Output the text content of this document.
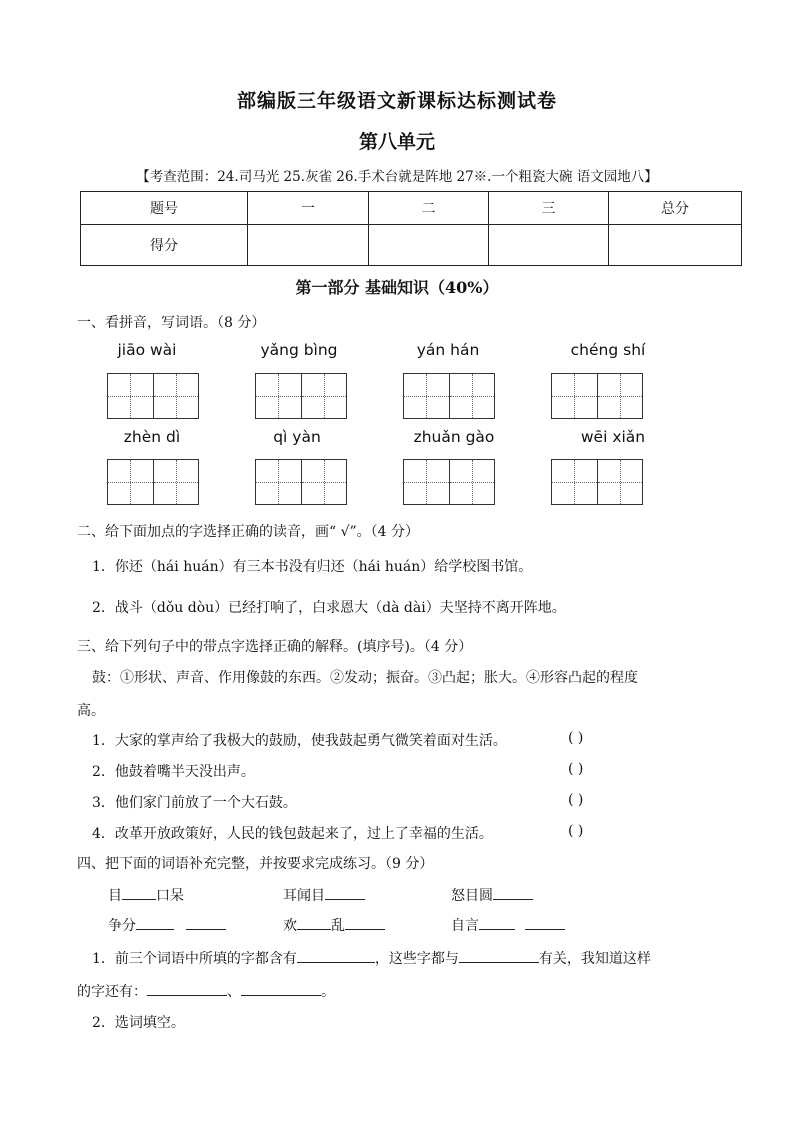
部编版三年级语文新课标达标测试卷
第八单元
【考查范围：24.司马光 25.灰雀 26.手术台就是阵地 27※.一个粗瓷大碗 语文园地八】
题号	一	二	三	总分
得分				
第一部分 基础知识（40%）
一、看拼音，写词语。（8 分）
jiāo wài	yǎng bìng	yán hán	chéng shí
zhèn dì	qì yàn	zhuǎn gào	wēi xiǎn
二、给下面加点的字选择正确的读音，画“ √”。（4 分）
1．你还（hái huán）有三本书没有归还（hái huán）给学校图书馆。
2．战斗（dǒu dòu）已经打响了，白求恩大（dà dài）夫坚持不离开阵地。
三、给下列句子中的带点字选择正确的解释。(填序号)。（4 分）
鼓：①形状、声音、作用像鼓的东西。②发动；振奋。③凸起；胀大。④形容凸起的程度
高。
1．大家的掌声给了我极大的鼓励，使我鼓起勇气微笑着面对生活。	( )
2．他鼓着嘴半天没出声。	( )
3．他们家门前放了一个大石鼓。	( )
4．改革开放政策好，人民的钱包鼓起来了，过上了幸福的生活。	( )
四、把下面的词语补充完整，并按要求完成练习。（9 分）
目 口呆	耳闻目	怒目圆
争分	欢 乱	自言
1．前三个词语中所填的字都含有	，这些字都与	有关，我知道这样
的字还有：	、	。
2．选词填空。
